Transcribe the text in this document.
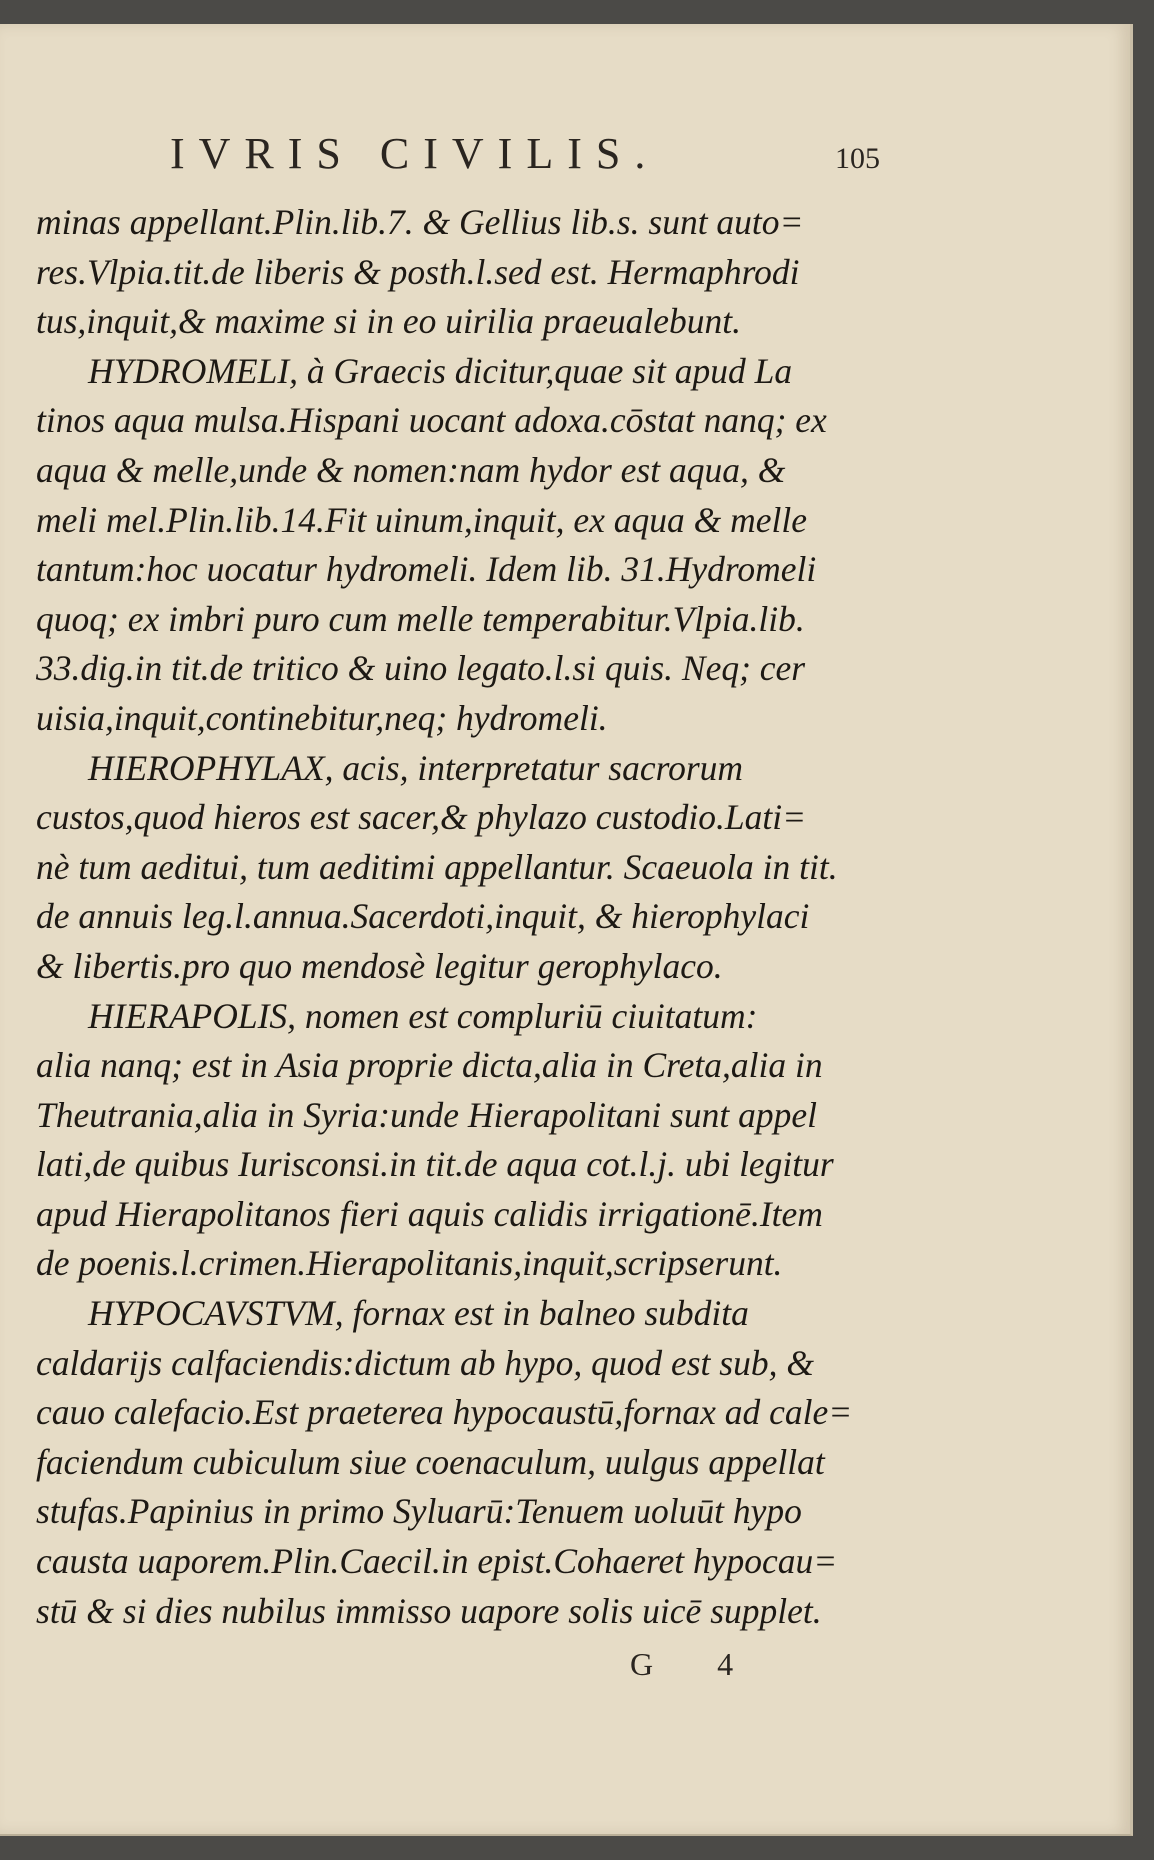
IVRIS CIVILIS.	105
minas appellant.Plin.lib.7. & Gellius lib.s. sunt auto=
res.Vlpia.tit.de liberis & posth.l.sed est. Hermaphrodi
tus,inquit,& maxime si in eo uirilia praeualebunt.
HYDROMELI, à Graecis dicitur,quae sit apud La
tinos aqua mulsa.Hispani uocant adoxa.cōstat nanq; ex
aqua & melle,unde & nomen:nam hydor est aqua, &
meli mel.Plin.lib.14.Fit uinum,inquit, ex aqua & melle
tantum:hoc uocatur hydromeli. Idem lib. 31.Hydromeli
quoq; ex imbri puro cum melle temperabitur.Vlpia.lib.
33.dig.in tit.de tritico & uino legato.l.si quis. Neq; cer
uisia,inquit,continebitur,neq; hydromeli.
HIEROPHYLAX, acis, interpretatur sacrorum
custos,quod hieros est sacer,& phylazo custodio.Lati=
nè tum aeditui, tum aeditimi appellantur. Scaeuola in tit.
de annuis leg.l.annua.Sacerdoti,inquit, & hierophylaci
& libertis.pro quo mendosè legitur gerophylaco.
HIERAPOLIS, nomen est compluriū ciuitatum:
alia nanq; est in Asia proprie dicta,alia in Creta,alia in
Theutrania,alia in Syria:unde Hierapolitani sunt appel
lati,de quibus Iurisconsi.in tit.de aqua cot.l.j. ubi legitur
apud Hierapolitanos fieri aquis calidis irrigationē.Item
de poenis.l.crimen.Hierapolitanis,inquit,scripserunt.
HYPOCAVSTVM, fornax est in balneo subdita
caldarijs calfaciendis:dictum ab hypo, quod est sub, &
cauo calefacio.Est praeterea hypocaustū,fornax ad cale=
faciendum cubiculum siue coenaculum, uulgus appellat
stufas.Papinius in primo Syluarū:Tenuem uoluūt hypo
causta uaporem.Plin.Caecil.in epist.Cohaeret hypocau=
stū & si dies nubilus immisso uapore solis uicē supplet.
G 4
